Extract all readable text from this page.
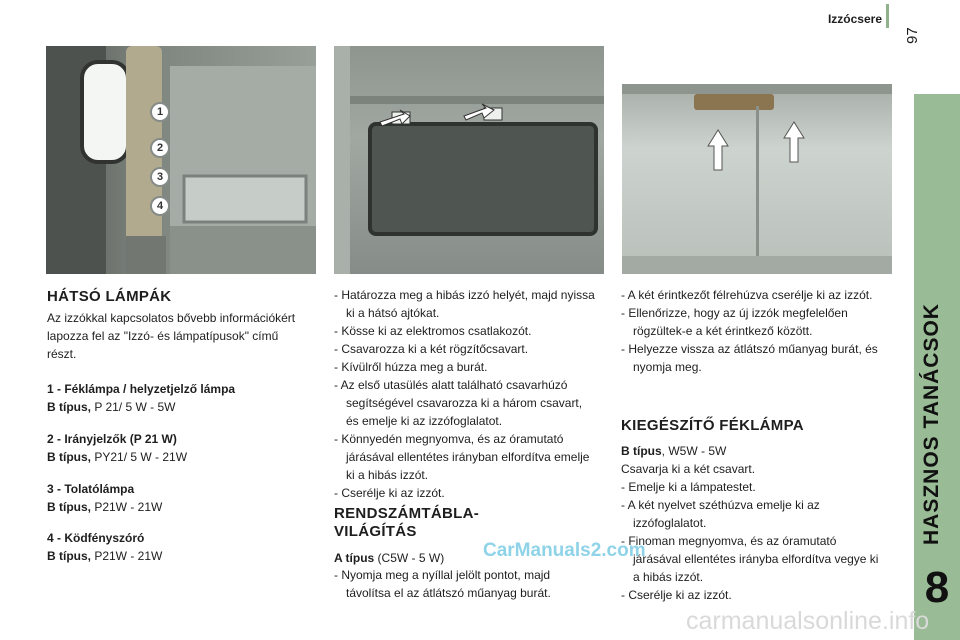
Izzócsere
97
HASZNOS TANÁCSOK
8
1
2
3
4
HÁTSÓ LÁMPÁK
Az izzókkal kapcsolatos bővebb információkért lapozza fel az "Izzó- és lámpatípusok" című részt.
1 - Féklámpa / helyzetjelző lámpa
B típus, P 21/ 5 W - 5W
2 - Irányjelzők (P 21 W)
B típus, PY21/ 5 W - 21W
3 - Tolatólámpa
B típus, P21W - 21W
4 - Ködfényszóró
B típus, P21W - 21W
- Határozza meg a hibás izzó helyét, majd nyissa ki a hátsó ajtókat.
- Kösse ki az elektromos csatlakozót.
- Csavarozza ki a két rögzítőcsavart.
- Kívülről húzza meg a burát.
- Az első utasülés alatt található csavarhúzó segítségével csavarozza ki a három csavart, és emelje ki az izzófoglalatot.
- Könnyedén megnyomva, és az óramutató járásával ellentétes irányban elfordítva emelje ki a hibás izzót.
- Cserélje ki az izzót.
RENDSZÁMTÁBLA-
VILÁGÍTÁS
A típus (C5W - 5 W)
- Nyomja meg a nyíllal jelölt pontot, majd távolítsa el az átlátszó műanyag burát.
- A két érintkezőt félrehúzva cserélje ki az izzót.
- Ellenőrizze, hogy az új izzók megfelelően rögzültek-e a két érintkező között.
- Helyezze vissza az átlátszó műanyag burát, és nyomja meg.
KIEGÉSZÍTŐ FÉKLÁMPA
B típus, W5W - 5W
Csavarja ki a két csavart.
- Emelje ki a lámpatestet.
- A két nyelvet széthúzva emelje ki az izzófoglalatot.
- Finoman megnyomva, és az óramutató járásával ellentétes irányba elfordítva vegye ki a hibás izzót.
- Cserélje ki az izzót.
CarManuals2.com
carmanualsonline.info
